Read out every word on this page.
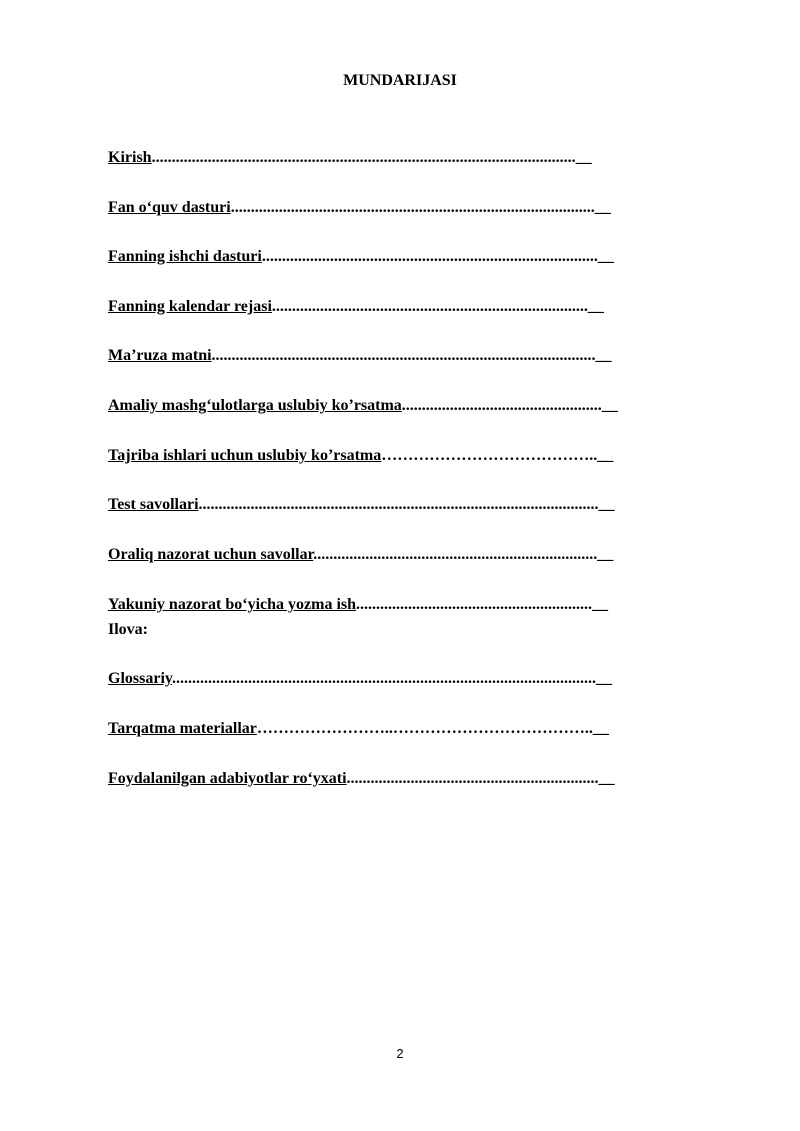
MUNDARIJASI
Kirish..........................................................................................................__
Fan o‘quv dasturi...........................................................................................__
Fanning ishchi dasturi....................................................................................__
Fanning kalendar rejasi...............................................................................__
Ma’ruza matni................................................................................................__
Amaliy mashg‘ulotlarga uslubiy ko’rsatma..................................................__
Tajriba ishlari uchun uslubiy ko’rsatma…………………………………..__
Test savollari....................................................................................................__
Oraliq nazorat uchun savollar.......................................................................__
Yakuniy nazorat bo‘yicha yozma ish...........................................................__
Ilova:
Glossariy..........................................................................................................__
Tarqatma materiallar……………………..………………………………..__
Foydalanilgan adabiyotlar ro‘yxati...............................................................__
2
